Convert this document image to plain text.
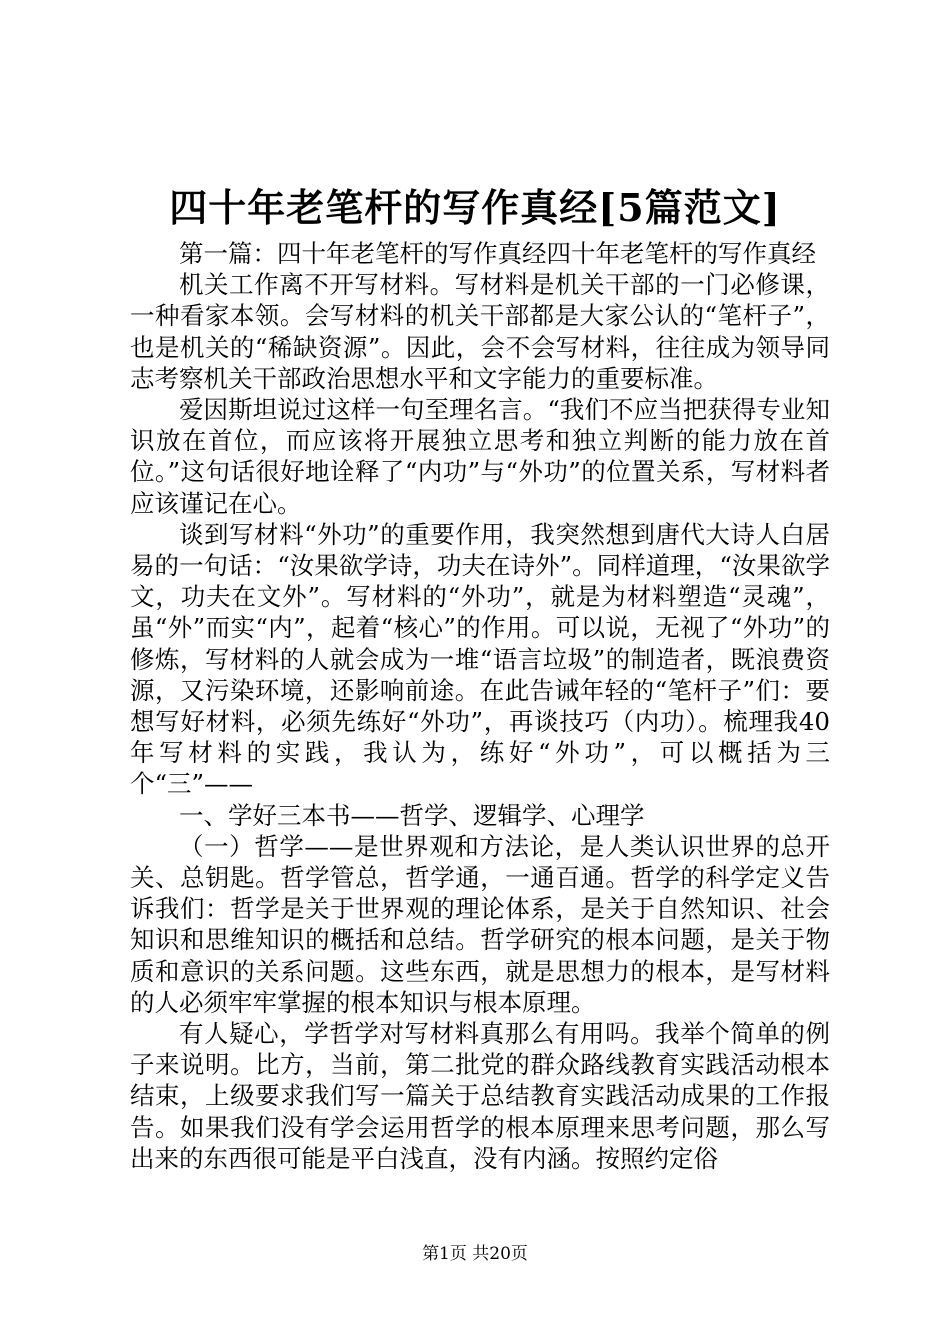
四十年老笔杆的写作真经[5篇范文]

第一篇：四十年老笔杆的写作真经四十年老笔杆的写作真经

机关工作离不开写材料。写材料是机关干部的一门必修课，一种看家本领。会写材料的机关干部都是大家公认的“笔杆子”，也是机关的“稀缺资源”。因此，会不会写材料，往往成为领导同志考察机关干部政治思想水平和文字能力的重要标准。

爱因斯坦说过这样一句至理名言。“我们不应当把获得专业知识放在首位，而应该将开展独立思考和独立判断的能力放在首位。”这句话很好地诠释了“内功”与“外功”的位置关系，写材料者应该谨记在心。

谈到写材料“外功”的重要作用，我突然想到唐代大诗人白居易的一句话：“汝果欲学诗，功夫在诗外”。同样道理，“汝果欲学文，功夫在文外”。写材料的“外功”，就是为材料塑造“灵魂”，虽“外”而实“内”，起着“核心”的作用。可以说，无视了“外功”的修炼，写材料的人就会成为一堆“语言垃圾”的制造者，既浪费资源，又污染环境，还影响前途。在此告诫年轻的“笔杆子”们：要想写好材料，必须先练好“外功”，再谈技巧（内功）。梳理我40年写材料的实践，我认为，练好“外功”，可以概括为三个“三”——

一、学好三本书——哲学、逻辑学、心理学

（一）哲学——是世界观和方法论，是人类认识世界的总开关、总钥匙。哲学管总，哲学通，一通百通。哲学的科学定义告诉我们：哲学是关于世界观的理论体系，是关于自然知识、社会知识和思维知识的概括和总结。哲学研究的根本问题，是关于物质和意识的关系问题。这些东西，就是思想力的根本，是写材料的人必须牢牢掌握的根本知识与根本原理。

有人疑心，学哲学对写材料真那么有用吗。我举个简单的例子来说明。比方，当前，第二批党的群众路线教育实践活动根本结束，上级要求我们写一篇关于总结教育实践活动成果的工作报告。如果我们没有学会运用哲学的根本原理来思考问题，那么写出来的东西很可能是平白浅直，没有内涵。按照约定俗

第1页 共20页
